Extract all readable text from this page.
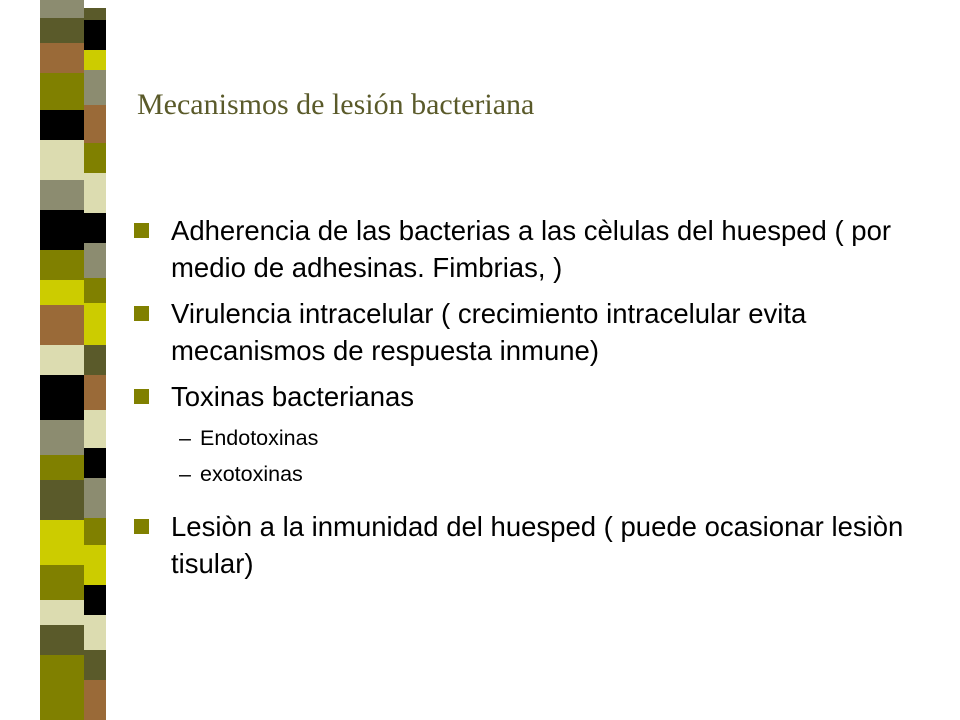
Mecanismos de lesión bacteriana
Adherencia de las bacterias a las cèlulas del huesped ( por medio de adhesinas. Fimbrias, )
Virulencia intracelular ( crecimiento intracelular evita mecanismos de respuesta inmune)
Toxinas bacterianas
– Endotoxinas
– exotoxinas
Lesiòn a la inmunidad del huesped ( puede ocasionar lesiòn tisular)
